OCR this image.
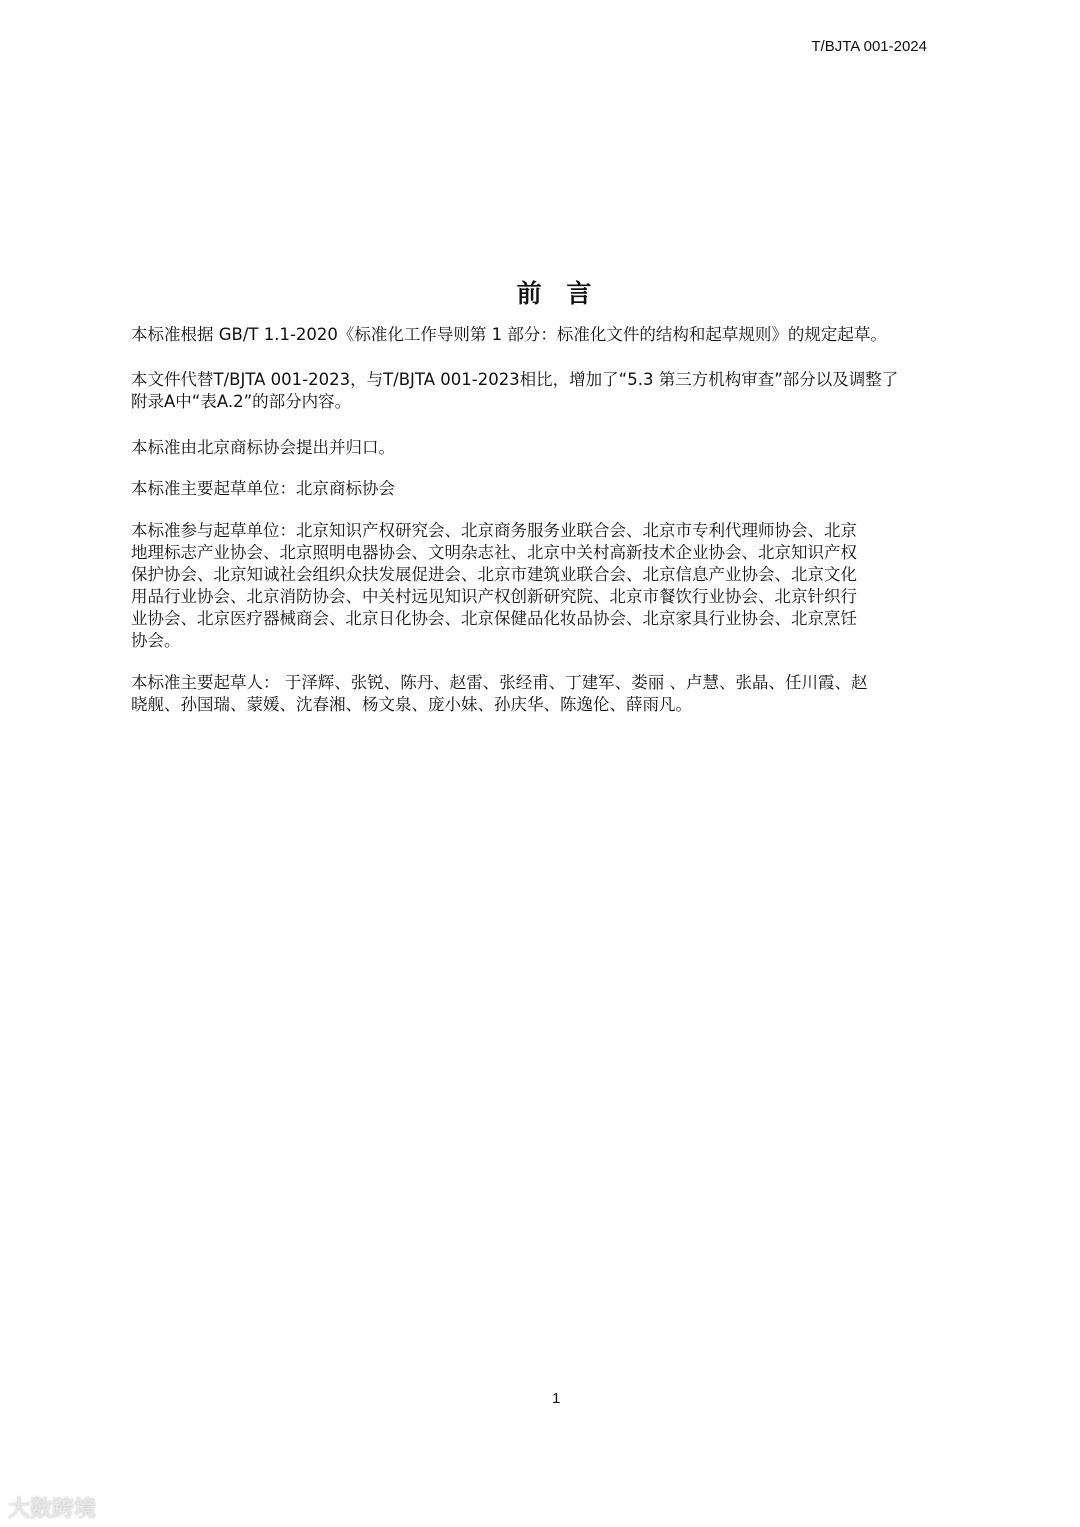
T/BJTA 001-2024
前 言
本标准根据 GB/T 1.1-2020《标准化工作导则第 1 部分：标准化文件的结构和起草规则》的规定起草。
本文件代替T/BJTA 001-2023，与T/BJTA 001-2023相比，增加了“5.3 第三方机构审查”部分以及调整了
附录A中“表A.2”的部分内容。
本标准由北京商标协会提出并归口。
本标准主要起草单位：北京商标协会
本标准参与起草单位：北京知识产权研究会、北京商务服务业联合会、北京市专利代理师协会、北京
地理标志产业协会、北京照明电器协会、文明杂志社、北京中关村高新技术企业协会、北京知识产权
保护协会、北京知诚社会组织众扶发展促进会、北京市建筑业联合会、北京信息产业协会、北京文化
用品行业协会、北京消防协会、中关村远见知识产权创新研究院、北京市餐饮行业协会、北京针织行
业协会、北京医疗器械商会、北京日化协会、北京保健品化妆品协会、北京家具行业协会、北京烹饪
协会。
本标准主要起草人： 于泽辉、张锐、陈丹、赵雷、张经甫、丁建军、娄丽 、卢慧、张晶、任川霞、赵
晓舰、孙国瑞、蒙媛、沈春湘、杨文泉、庞小妹、孙庆华、陈逸伦、薛雨凡。
1
大数跨境
